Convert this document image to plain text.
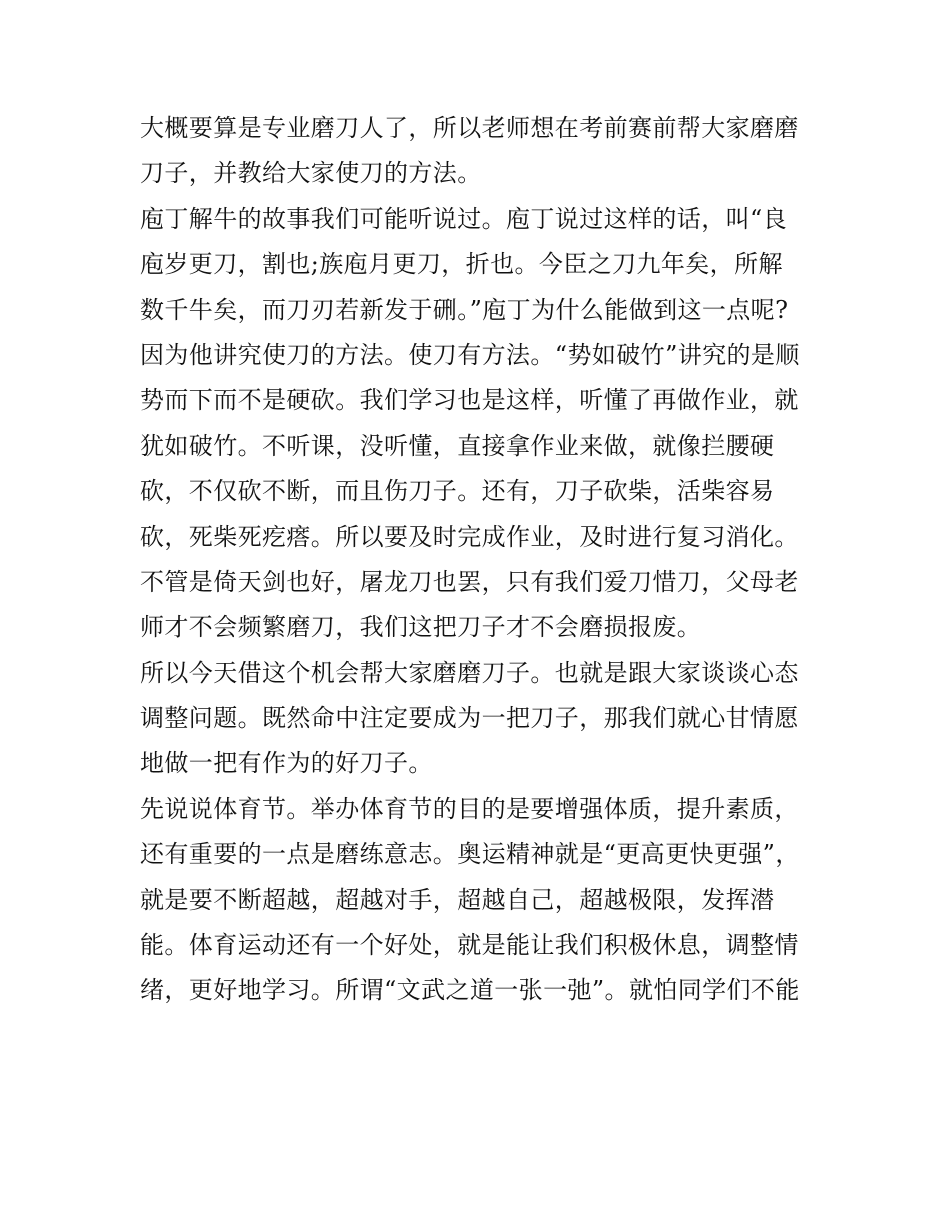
大概要算是专业磨刀人了，所以老师想在考前赛前帮大家磨磨
刀子，并教给大家使刀的方法。
庖丁解牛的故事我们可能听说过。庖丁说过这样的话，叫“良
庖岁更刀，割也;族庖月更刀，折也。今臣之刀九年矣，所解
数千牛矣，而刀刃若新发于硎。”庖丁为什么能做到这一点呢?
因为他讲究使刀的方法。使刀有方法。“势如破竹”讲究的是顺
势而下而不是硬砍。我们学习也是这样，听懂了再做作业，就
犹如破竹。不听课，没听懂，直接拿作业来做，就像拦腰硬
砍，不仅砍不断，而且伤刀子。还有，刀子砍柴，活柴容易
砍，死柴死疙瘩。所以要及时完成作业，及时进行复习消化。
不管是倚天剑也好，屠龙刀也罢，只有我们爱刀惜刀，父母老
师才不会频繁磨刀，我们这把刀子才不会磨损报废。
所以今天借这个机会帮大家磨磨刀子。也就是跟大家谈谈心态
调整问题。既然命中注定要成为一把刀子，那我们就心甘情愿
地做一把有作为的好刀子。
先说说体育节。举办体育节的目的是要增强体质，提升素质，
还有重要的一点是磨练意志。奥运精神就是“更高更快更强”，
就是要不断超越，超越对手，超越自己，超越极限，发挥潜
能。体育运动还有一个好处，就是能让我们积极休息，调整情
绪，更好地学习。所谓“文武之道一张一弛”。就怕同学们不能
